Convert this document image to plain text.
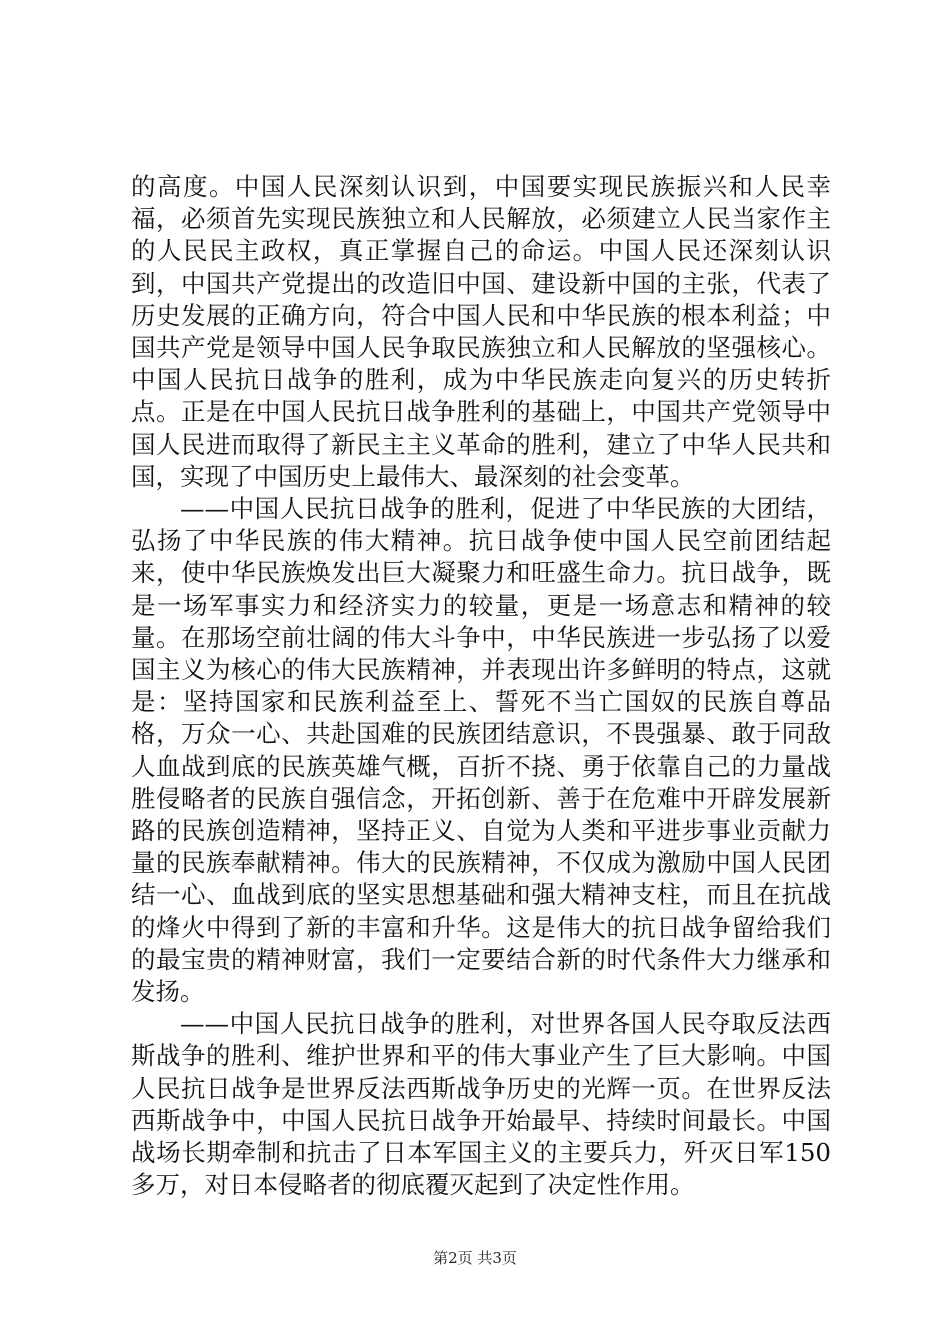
的高度。中国人民深刻认识到，中国要实现民族振兴和人民幸福，必须首先实现民族独立和人民解放，必须建立人民当家作主的人民民主政权，真正掌握自己的命运。中国人民还深刻认识到，中国共产党提出的改造旧中国、建设新中国的主张，代表了历史发展的正确方向，符合中国人民和中华民族的根本利益；中国共产党是领导中国人民争取民族独立和人民解放的坚强核心。中国人民抗日战争的胜利，成为中华民族走向复兴的历史转折点。正是在中国人民抗日战争胜利的基础上，中国共产党领导中国人民进而取得了新民主主义革命的胜利，建立了中华人民共和国，实现了中国历史上最伟大、最深刻的社会变革。

——中国人民抗日战争的胜利，促进了中华民族的大团结，弘扬了中华民族的伟大精神。抗日战争使中国人民空前团结起来，使中华民族焕发出巨大凝聚力和旺盛生命力。抗日战争，既是一场军事实力和经济实力的较量，更是一场意志和精神的较量。在那场空前壮阔的伟大斗争中，中华民族进一步弘扬了以爱国主义为核心的伟大民族精神，并表现出许多鲜明的特点，这就是：坚持国家和民族利益至上、誓死不当亡国奴的民族自尊品格，万众一心、共赴国难的民族团结意识，不畏强暴、敢于同敌人血战到底的民族英雄气概，百折不挠、勇于依靠自己的力量战胜侵略者的民族自强信念，开拓创新、善于在危难中开辟发展新路的民族创造精神，坚持正义、自觉为人类和平进步事业贡献力量的民族奉献精神。伟大的民族精神，不仅成为激励中国人民团结一心、血战到底的坚实思想基础和强大精神支柱，而且在抗战的烽火中得到了新的丰富和升华。这是伟大的抗日战争留给我们的最宝贵的精神财富，我们一定要结合新的时代条件大力继承和发扬。

——中国人民抗日战争的胜利，对世界各国人民夺取反法西斯战争的胜利、维护世界和平的伟大事业产生了巨大影响。中国人民抗日战争是世界反法西斯战争历史的光辉一页。在世界反法西斯战争中，中国人民抗日战争开始最早、持续时间最长。中国战场长期牵制和抗击了日本军国主义的主要兵力，歼灭日军150多万，对日本侵略者的彻底覆灭起到了决定性作用。

第2页 共3页
